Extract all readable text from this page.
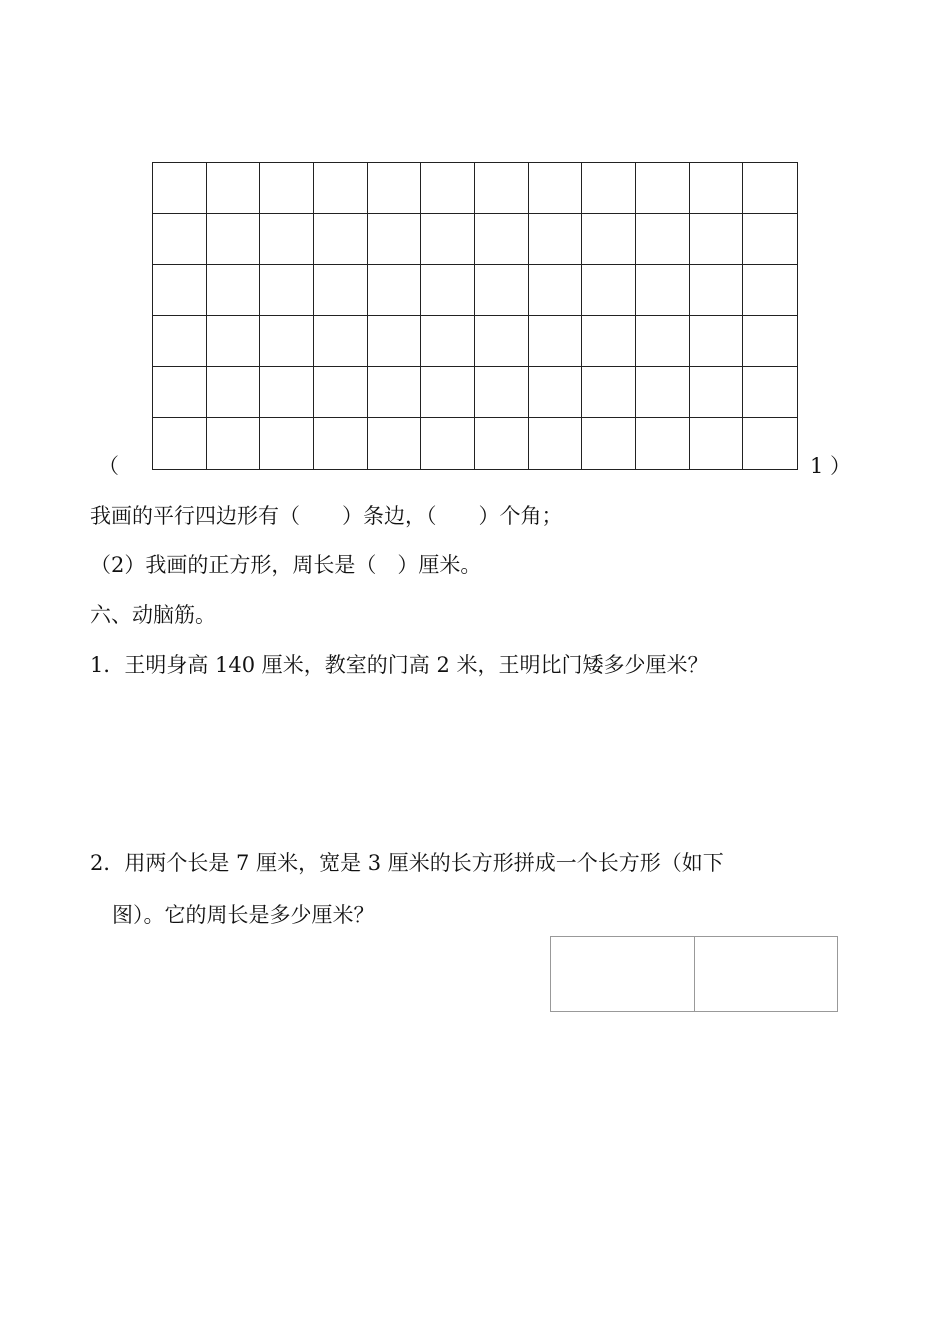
（	1 ）
我画的平行四边形有（　　）条边，（　　）个角；
（2）我画的正方形，周长是（　）厘米。
六、动脑筋。
1．王明身高 140 厘米，教室的门高 2 米，王明比门矮多少厘米？
2．用两个长是 7 厘米，宽是 3 厘米的长方形拼成一个长方形（如下
图）。它的周长是多少厘米？
